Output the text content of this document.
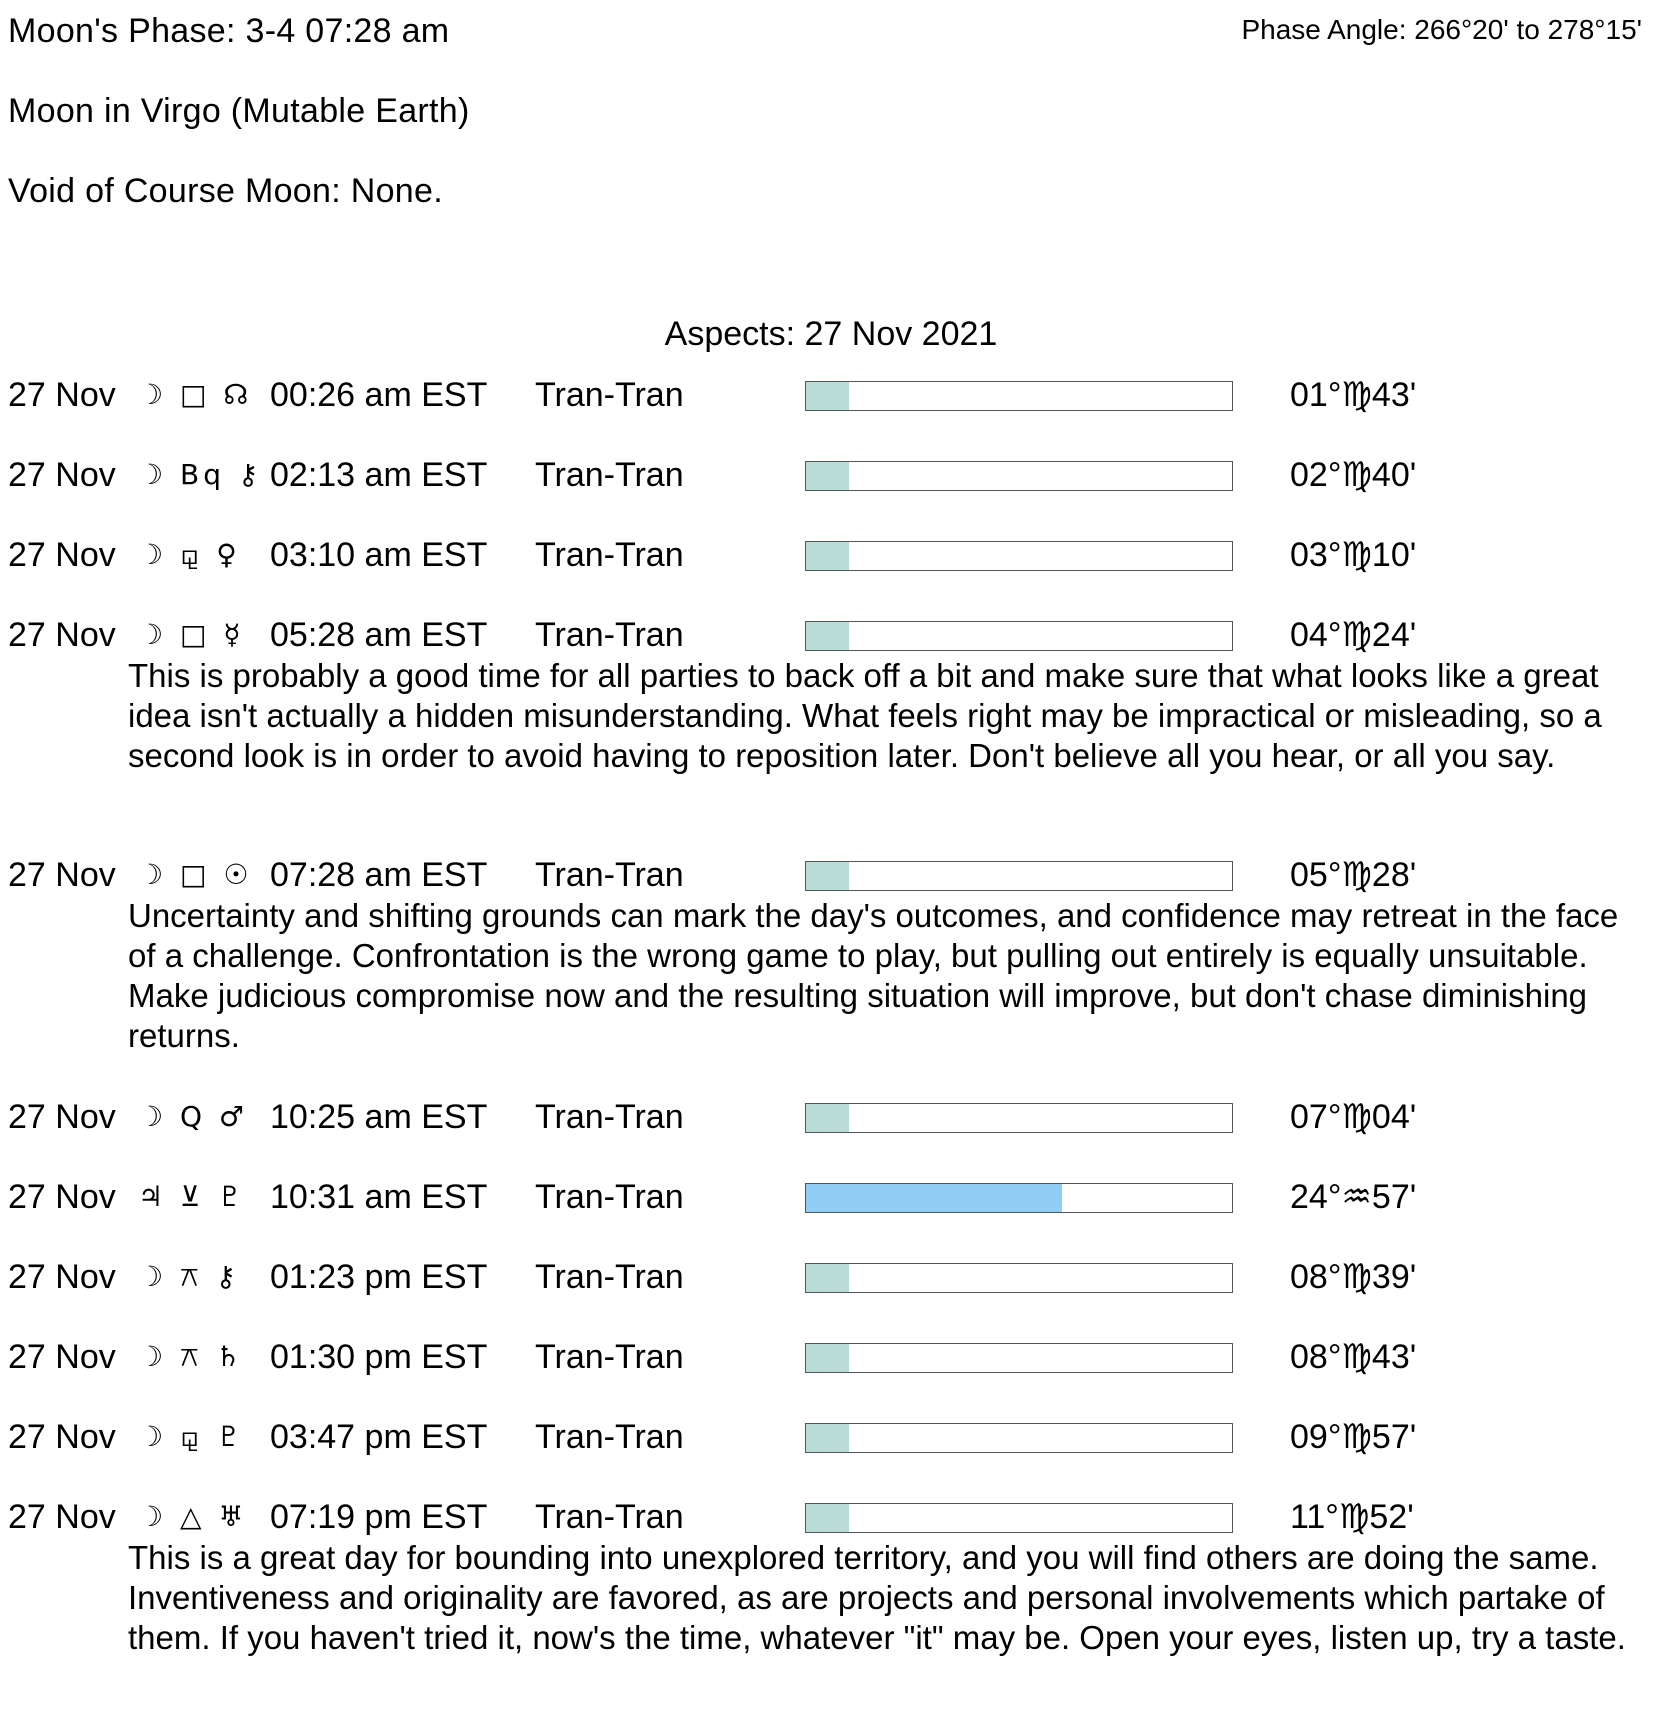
Moon's Phase: 3-4 07:28 am	Phase Angle: 266°20' to 278°15'
Moon in Virgo (Mutable Earth)
Void of Course Moon: None.
Aspects: 27 Nov 2021
27 Nov ☽ □ ☊ 00:26 am EST Tran-Tran	01°♍43'
27 Nov ☽ Bq ⚷ 02:13 am EST Tran-Tran	02°♍40'
27 Nov ☽ ⚼ ♀ 03:10 am EST Tran-Tran	03°♍10'
27 Nov ☽ □ ☿ 05:28 am EST Tran-Tran	04°♍24'
This is probably a good time for all parties to back off a bit and make sure that what looks like a great idea isn't actually a hidden misunderstanding. What feels right may be impractical or misleading, so a second look is in order to avoid having to reposition later. Don't believe all you hear, or all you say.
27 Nov ☽ □ ☉ 07:28 am EST Tran-Tran	05°♍28'
Uncertainty and shifting grounds can mark the day's outcomes, and confidence may retreat in the face of a challenge. Confrontation is the wrong game to play, but pulling out entirely is equally unsuitable. Make judicious compromise now and the resulting situation will improve, but don't chase diminishing returns.
27 Nov ☽ Q ♂ 10:25 am EST Tran-Tran	07°♍04'
27 Nov ♃ ⊻ ♇ 10:31 am EST Tran-Tran	24°♒57'
27 Nov ☽ ⚻ ⚷ 01:23 pm EST Tran-Tran	08°♍39'
27 Nov ☽ ⚻ ♄ 01:30 pm EST Tran-Tran	08°♍43'
27 Nov ☽ ⚼ ♇ 03:47 pm EST Tran-Tran	09°♍57'
27 Nov ☽ △ ♅ 07:19 pm EST Tran-Tran	11°♍52'
This is a great day for bounding into unexplored territory, and you will find others are doing the same. Inventiveness and originality are favored, as are projects and personal involvements which partake of them. If you haven't tried it, now's the time, whatever "it" may be. Open your eyes, listen up, try a taste.
